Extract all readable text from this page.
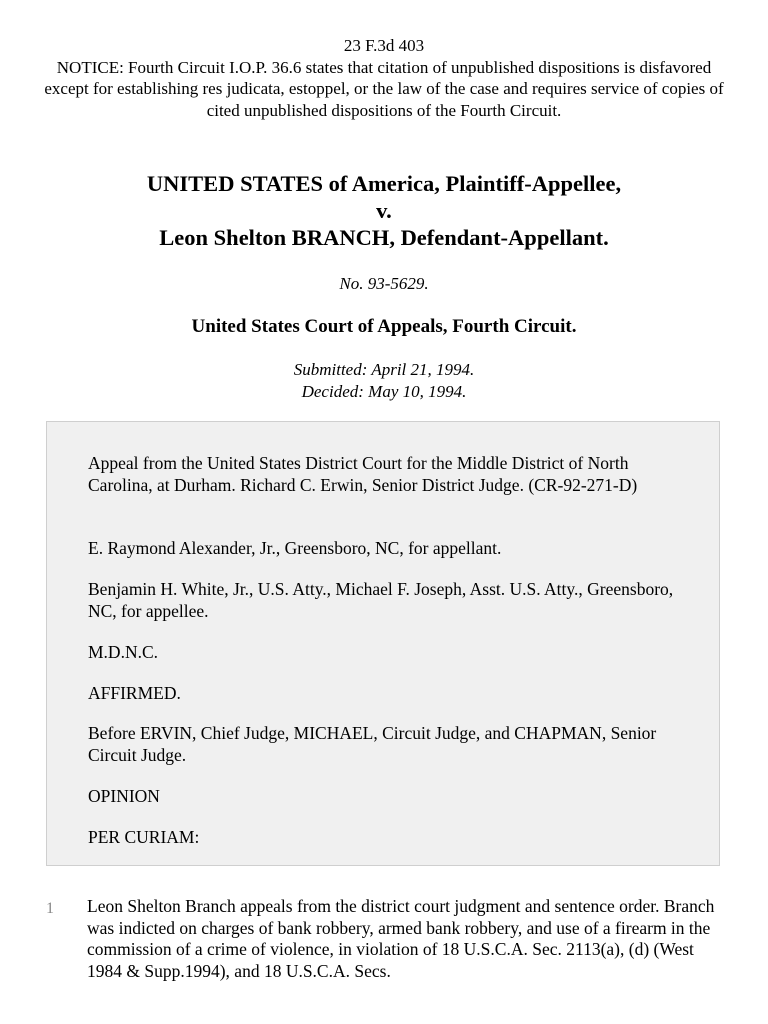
23 F.3d 403
NOTICE: Fourth Circuit I.O.P. 36.6 states that citation of unpublished dispositions is disfavored except for establishing res judicata, estoppel, or the law of the case and requires service of copies of cited unpublished dispositions of the Fourth Circuit.
UNITED STATES of America, Plaintiff-Appellee,
v.
Leon Shelton BRANCH, Defendant-Appellant.
No. 93-5629.
United States Court of Appeals, Fourth Circuit.
Submitted: April 21, 1994.
Decided: May 10, 1994.

Appeal from the United States District Court for the Middle District of North Carolina, at Durham. Richard C. Erwin, Senior District Judge. (CR-92-271-D)

E. Raymond Alexander, Jr., Greensboro, NC, for appellant.

Benjamin H. White, Jr., U.S. Atty., Michael F. Joseph, Asst. U.S. Atty., Greensboro, NC, for appellee.

M.D.N.C.

AFFIRMED.

Before ERVIN, Chief Judge, MICHAEL, Circuit Judge, and CHAPMAN, Senior Circuit Judge.

OPINION

PER CURIAM:

1 Leon Shelton Branch appeals from the district court judgment and sentence order. Branch was indicted on charges of bank robbery, armed bank robbery, and use of a firearm in the commission of a crime of violence, in violation of 18 U.S.C.A. Sec. 2113(a), (d) (West 1984 & Supp.1994), and 18 U.S.C.A. Secs.
